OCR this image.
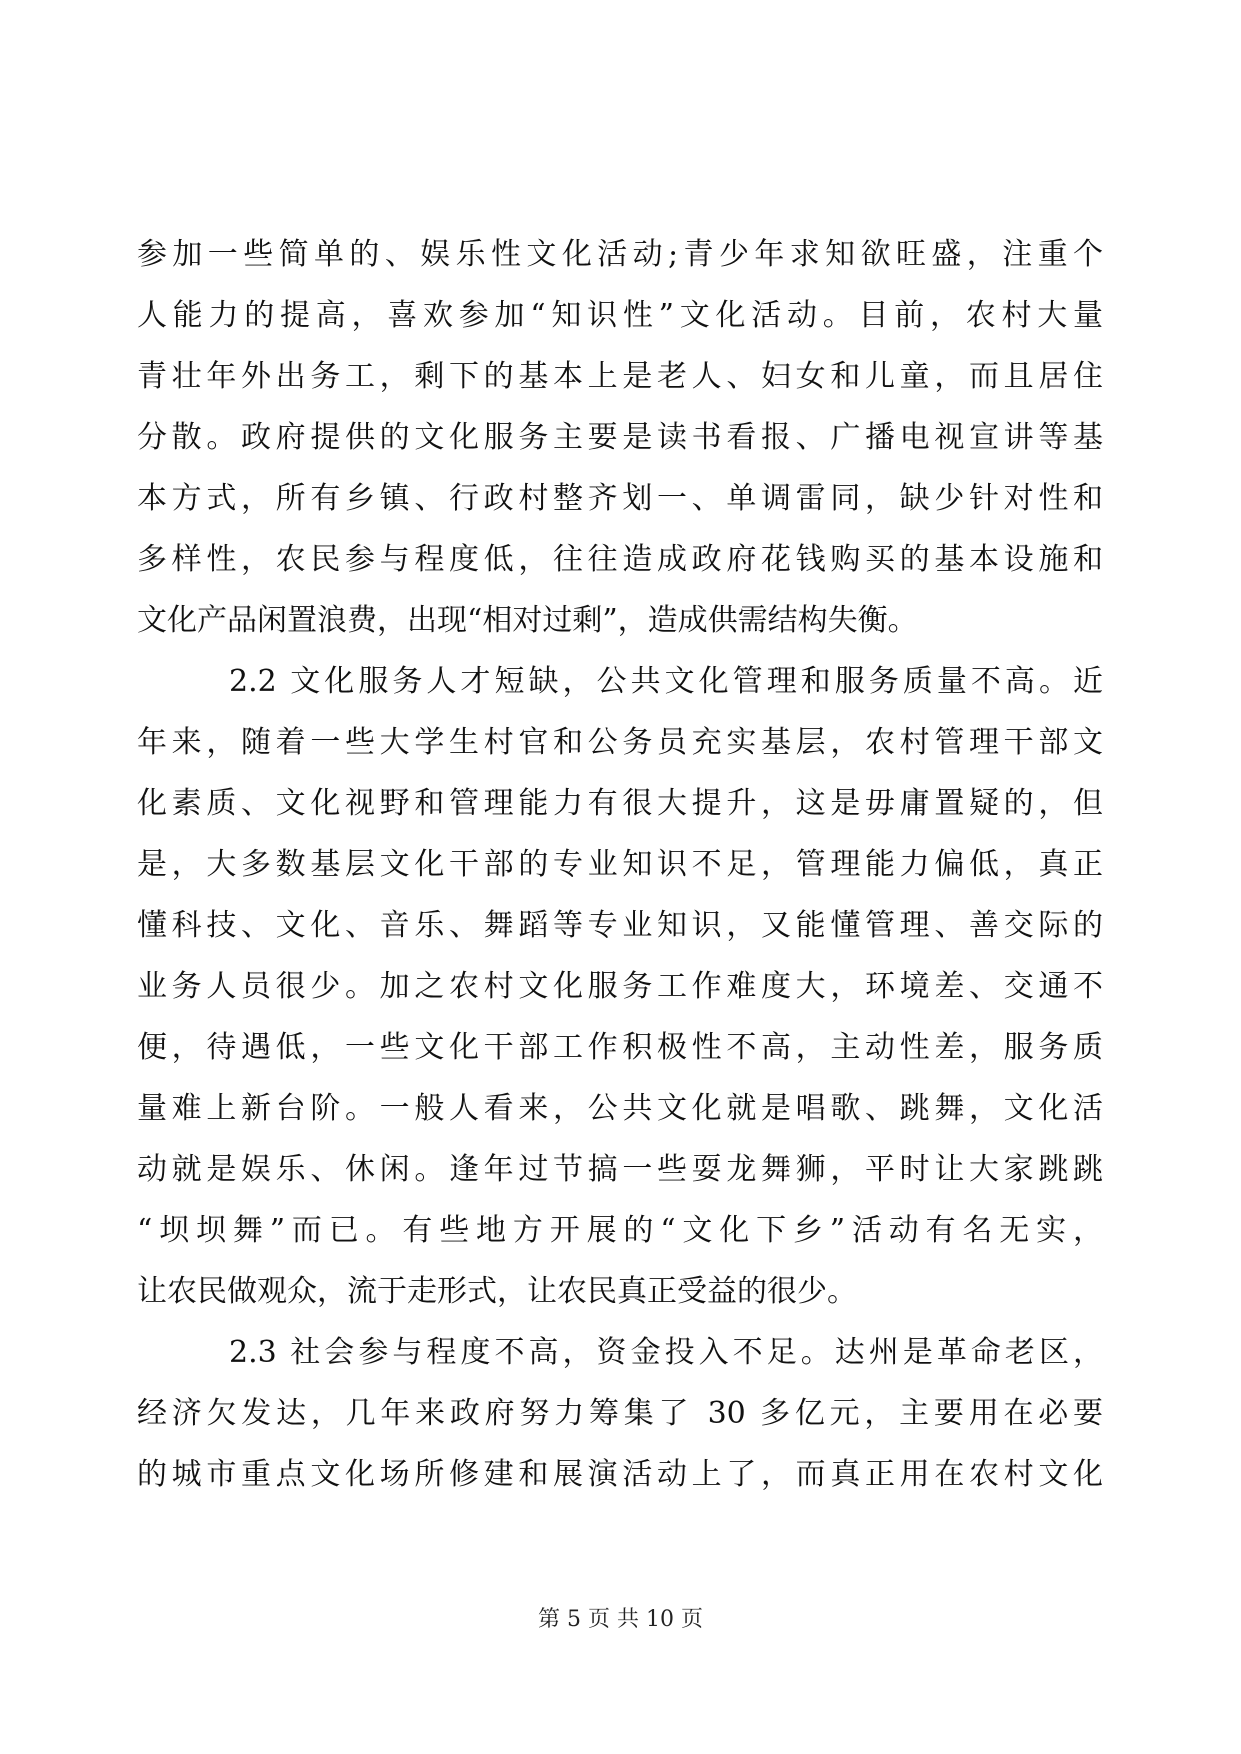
参加一些简单的、娱乐性文化活动;青少年求知欲旺盛，注重个
人能力的提高，喜欢参加“知识性”文化活动。目前，农村大量
青壮年外出务工，剩下的基本上是老人、妇女和儿童，而且居住
分散。政府提供的文化服务主要是读书看报、广播电视宣讲等基
本方式，所有乡镇、行政村整齐划一、单调雷同，缺少针对性和
多样性，农民参与程度低，往往造成政府花钱购买的基本设施和
文化产品闲置浪费，出现“相对过剩”，造成供需结构失衡。
2.2 文化服务人才短缺，公共文化管理和服务质量不高。近
年来，随着一些大学生村官和公务员充实基层，农村管理干部文
化素质、文化视野和管理能力有很大提升，这是毋庸置疑的，但
是，大多数基层文化干部的专业知识不足，管理能力偏低，真正
懂科技、文化、音乐、舞蹈等专业知识，又能懂管理、善交际的
业务人员很少。加之农村文化服务工作难度大，环境差、交通不
便，待遇低，一些文化干部工作积极性不高，主动性差，服务质
量难上新台阶。一般人看来，公共文化就是唱歌、跳舞，文化活
动就是娱乐、休闲。逢年过节搞一些耍龙舞狮，平时让大家跳跳
“坝坝舞”而已。有些地方开展的“文化下乡”活动有名无实，
让农民做观众，流于走形式，让农民真正受益的很少。
2.3 社会参与程度不高，资金投入不足。达州是革命老区，
经济欠发达，几年来政府努力筹集了 30 多亿元，主要用在必要
的城市重点文化场所修建和展演活动上了，而真正用在农村文化
第 5 页 共 10 页
